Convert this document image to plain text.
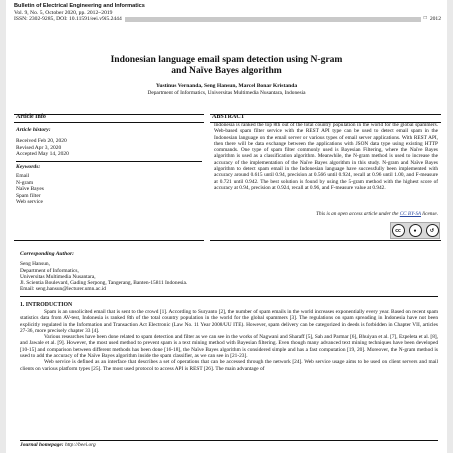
Bulletin of Electrical Engineering and Informatics
Vol. 9, No. 5, October 2020, pp. 2012~2019
ISSN: 2302-9285, DOI: 10.11591/eei.v9i5.2444	□ 2012
Indonesian language email spam detection using N-gram
and Naïve Bayes algorithm
Yustinus Vernanda, Seng Hansun, Marcel Bonar Kristanda
Department of Informatics, Universitas Multimedia Nusantara, Indonesia
Article Info
Article history:
Received Feb 20, 2020
Revised Apr 3, 2020
Accepted May 14, 2020
Keywords:
Email
N-gram
Naïve Bayes
Spam filter
Web service
ABSTRACT
Indonesia is ranked the top 8th out of the total country population in the world for the global spammers. Web-based spam filter service with the REST API type can be used to detect email spam in the Indonesian language on the email server or various types of email server applications. With REST API, then there will be data exchange between the applications with JSON data type using existing HTTP commands. One type of spam filter commonly used is Bayesian Filtering, where the Naïve Bayes algorithm is used as a classification algorithm. Meanwhile, the N-gram method is used to increase the accuracy of the implementation of the Naïve Bayes algorithm in this study. N-gram and Naïve Bayes algorithm to detect spam email in the Indonesian language have successfully been implemented with accuracy around 0.615 until 0.94, precision at 0.566 until 0.924, recall at 0.96 until 1.00, and F-measure at 0.721 until 0.942. The best solution is found by using the 5-gram method with the highest score of accuracy at 0.94, precision at 0.924, recall at 0.96, and F-measure value at 0.942.
This is an open access article under the CC BY-SA license.
cc	●	↺
Corresponding Author:
Seng Hansun,
Department of Informatics,
Universitas Multimedia Nusantara,
Jl. Scientia Boulevard, Gading Serpong, Tangerang, Banten-15811 Indonesia.
Email: seng.hansun@lecturer.umn.ac.id
1. INTRODUCTION

Spam is an unsolicited email that is sent to the crowd [1]. According to Suryanto [2], the number of spam emails in the world increases exponentially every year. Based on recent spam statistics data from AV-test, Indonesia is ranked 8th of the total country population in the world for the global spammers [3]. The regulations on spam spreading in Indonesia have not been explicitly regulated in the Information and Transaction Act Electronic (Law No. 11 Year 2008/UU ITE). However, spam delivery can be categorized in deeds is forbidden in Chapter VII, articles 27-36, more precisely chapter 33 [4].

Various researches have been done related to spam detection and filter as we can see in the works of Nagwani and Sharaff [5], Sah and Parmar [6], Bhuiyan et al. [7], Ezpeleta et al. [8], and Jawale et al. [9]. However, the most used method to prevent spam is a text mining method with Bayesian filtering. Even though many advanced text mining techniques have been developed [10-15] and comparison between different methods has been done [16-18], the Naïve Bayes algorithm is considered simple and has a fast computation [19, 20]. Moreover, the N-gram method is used to add the accuracy of the Naïve Bayes algorithm inside the spam classifier, as we can see in [21-23].

Web service is defined as an interface that describes a set of operations that can be accessed through the network [24]. Web service usage aims to be used on client servers and mail clients on various platform types [25]. The most used protocol to access API is REST [26]. The main advantage of

Journal homepage: http://beei.org
